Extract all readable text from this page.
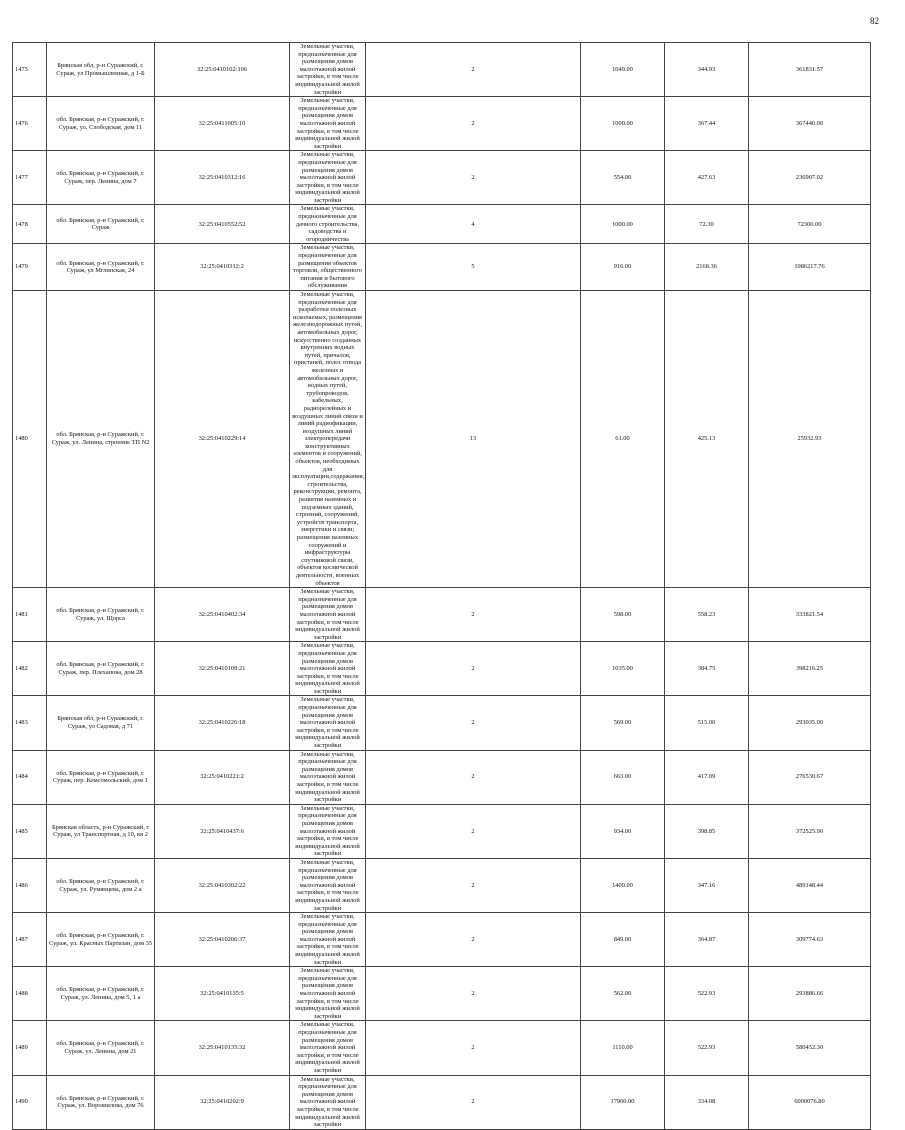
82
1475	Брянская обл, р-н Суражский, г. Сураж, ул Промышленная, д 1-Б	32:25:0410102:106	Земельные участки, предназначенные для размещения домов малоэтажной жилой застройки, в том числе индивидуальной жилой застройки	2	1049.00	344.93	361831.57
1476	обл. Брянская, р-н Суражский, г. Сураж, ул. Слободская, дом 11	32:25:0411005:10	Земельные участки, предназначенные для размещения домов малоэтажной жилой застройки, в том числе индивидуальной жилой застройки	2	1000.00	367.44	367440.00
1477	обл. Брянская, р-н Суражский, г. Сураж, пер. Ленина, дом 7	32:25:0410312:16	Земельные участки, предназначенные для размещения домов малоэтажной жилой застройки, в том числе индивидуальной жилой застройки	2	554.00	427.63	236907.02
1478	обл. Брянская, р-н Суражский, г. Сураж	32:25:0410552:52	Земельные участки, предназначенные для дачного строительства, садоводства и огородничества	4	1000.00	72.30	72300.00
1479	обл. Брянская, р-н Суражский, г. Сураж, ул Мглинская, 24	32:25:0410312:2	Земельные участки, предназначенные для размещения объектов торговли, общественного питания и бытового обслуживания	5	916.00	2168.36	1986217.76
1480	обл. Брянская, р-н Суражский, г. Сураж, ул. Ленина, строение ТП N2	32:25:0410229:14	Земельные участки, предназначенные для разработки полезных ископаемых, размещения железнодорожных путей, автомобильных дорог, искусственно созданных внутренних водных путей, причалов, пристаней, полос отвода железных и автомобильных дорог, водных путей, трубопроводов, кабельных, радиорелейных и воздушных линий связи и линий радиофикации, воздушных линий электропередачи конструктивных элементов и сооружений, объектов, необходимых для эксплуатации,содержания, строительства, реконструкции, ремонта, развития наземных и подземных зданий, строений, сооружений, устройств транспорта, энергетики и связи; размещения наземных сооружений и инфраструктуры спутниковой связи, объектов космической деятельности, военных объектов	13	61.00	425.13	25932.93
1481	обл. Брянская, р-н Суражский, г. Сураж, ул. Щорса	32:25:0410402:34	Земельные участки, предназначенные для размещения домов малоэтажной жилой застройки, в том числе индивидуальной жилой застройки	2	598.00	558.23	333821.54
1482	обл. Брянская, р-н Суражский, г. Сураж, пер. Плеханова, дом 28	32:25:0410109:21	Земельные участки, предназначенные для размещения домов малоэтажной жилой застройки, в том числе индивидуальной жилой застройки	2	1035.00	384.75	398216.25
1483	Брянская обл, р-н Суражский, г. Сураж, ул Садовая, д 71	32:25:0410226:18	Земельные участки, предназначенные для размещения домов малоэтажной жилой застройки, в том числе индивидуальной жилой застройки	2	569.00	515.00	293035.00
1484	обл. Брянская, р-н Суражский, г. Сураж, пер. Комсомольский, дом 1	32:25:0410221:2	Земельные участки, предназначенные для размещения домов малоэтажной жилой застройки, в том числе индивидуальной жилой застройки	2	663.00	417.09	276530.67
1485	Брянская область, р-н Суражский, г Сураж, ул Транспортная, д 10, кв 2	32:25:0410437:6	Земельные участки, предназначенные для размещения домов малоэтажной жилой застройки, в том числе индивидуальной жилой застройки	2	934.00	398.85	372525.90
1486	обл. Брянская, р-н Суражский, г. Сураж, ул. Румянцева, дом 2 а	32:25:0410302:22	Земельные участки, предназначенные для размещения домов малоэтажной жилой застройки, в том числе индивидуальной жилой застройки	2	1409.00	347.16	489148.44
1487	обл. Брянская, р-н Суражский, г. Сураж, ул. Красных Партизан, дом 35	32:25:0410206:37	Земельные участки, предназначенные для размещения домов малоэтажной жилой застройки, в том числе индивидуальной жилой застройки	2	849.00	364.87	309774.63
1488	обл. Брянская, р-н Суражский, г. Сураж, ул. Ленина, дом 5, 1 а	32:25:0410135:5	Земельные участки, предназначенные для размещения домов малоэтажной жилой застройки, в том числе индивидуальной жилой застройки	2	562.00	522.93	293886.66
1489	обл. Брянская, р-н Суражский, г. Сураж, ул. Ленина, дом 21	32:25:0410135:32	Земельные участки, предназначенные для размещения домов малоэтажной жилой застройки, в том числе индивидуальной жилой застройки	2	1110.00	522.93	580452.30
1490	обл. Брянская, р-н Суражский, г. Сураж, ул. Ворошилова, дом 76	32:25:0410202:9	Земельные участки, предназначенные для размещения домов малоэтажной жилой застройки, в том числе индивидуальной жилой застройки	2	17960.00	334.08	6000076.80
